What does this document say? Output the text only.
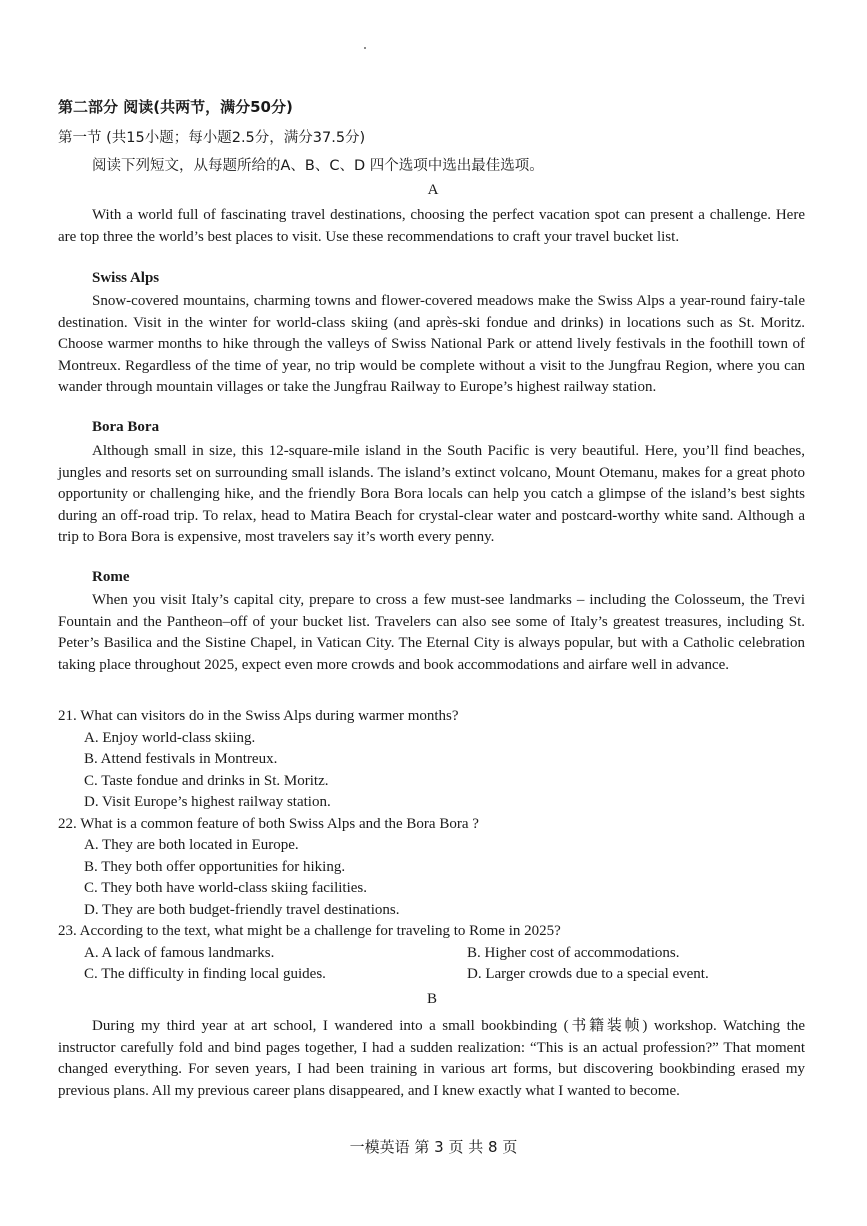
第二部分 阅读(共两节，满分50分)
第一节 (共15小题；每小题2.5分，满分37.5分)
阅读下列短文，从每题所给的A、B、C、D 四个选项中选出最佳选项。
A

With a world full of fascinating travel destinations, choosing the perfect vacation spot can present a challenge. Here are top three the world’s best places to visit. Use these recommendations to craft your travel bucket list.

Swiss Alps

Snow-covered mountains, charming towns and flower-covered meadows make the Swiss Alps a year-round fairy-tale destination. Visit in the winter for world-class skiing (and après-ski fondue and drinks) in locations such as St. Moritz. Choose warmer months to hike through the valleys of Swiss National Park or attend lively festivals in the foothill town of Montreux. Regardless of the time of year, no trip would be complete without a visit to the Jungfrau Region, where you can wander through mountain villages or take the Jungfrau Railway to Europe’s highest railway station.

Bora Bora

Although small in size, this 12-square-mile island in the South Pacific is very beautiful. Here, you’ll find beaches, jungles and resorts set on surrounding small islands. The island’s extinct volcano, Mount Otemanu, makes for a great photo opportunity or challenging hike, and the friendly Bora Bora locals can help you catch a glimpse of the island’s best sights during an off-road trip. To relax, head to Matira Beach for crystal-clear water and postcard-worthy white sand. Although a trip to Bora Bora is expensive, most travelers say it’s worth every penny.

Rome

When you visit Italy’s capital city, prepare to cross a few must-see landmarks – including the Colosseum, the Trevi Fountain and the Pantheon–off of your bucket list. Travelers can also see some of Italy’s greatest treasures, including St. Peter’s Basilica and the Sistine Chapel, in Vatican City. The Eternal City is always popular, but with a Catholic celebration taking place throughout 2025, expect even more crowds and book accommodations and airfare well in advance.

21. What can visitors do in the Swiss Alps during warmer months?
A. Enjoy world-class skiing.
B. Attend festivals in Montreux.
C. Taste fondue and drinks in St. Moritz.
D. Visit Europe’s highest railway station.
22. What is a common feature of both Swiss Alps and the Bora Bora ?
A. They are both located in Europe.
B. They both offer opportunities for hiking.
C. They both have world-class skiing facilities.
D. They are both budget-friendly travel destinations.
23. According to the text, what might be a challenge for traveling to Rome in 2025?
A. A lack of famous landmarks.	B. Higher cost of accommodations.
C. The difficulty in finding local guides.	D. Larger crowds due to a special event.
B

During my third year at art school, I wandered into a small bookbinding (书籍装帧) workshop. Watching the instructor carefully fold and bind pages together, I had a sudden realization: “This is an actual profession?” That moment changed everything. For seven years, I had been training in various art forms, but discovering bookbinding erased my previous plans. All my previous career plans disappeared, and I knew exactly what I wanted to become.

一模英语 第 3 页 共 8 页
